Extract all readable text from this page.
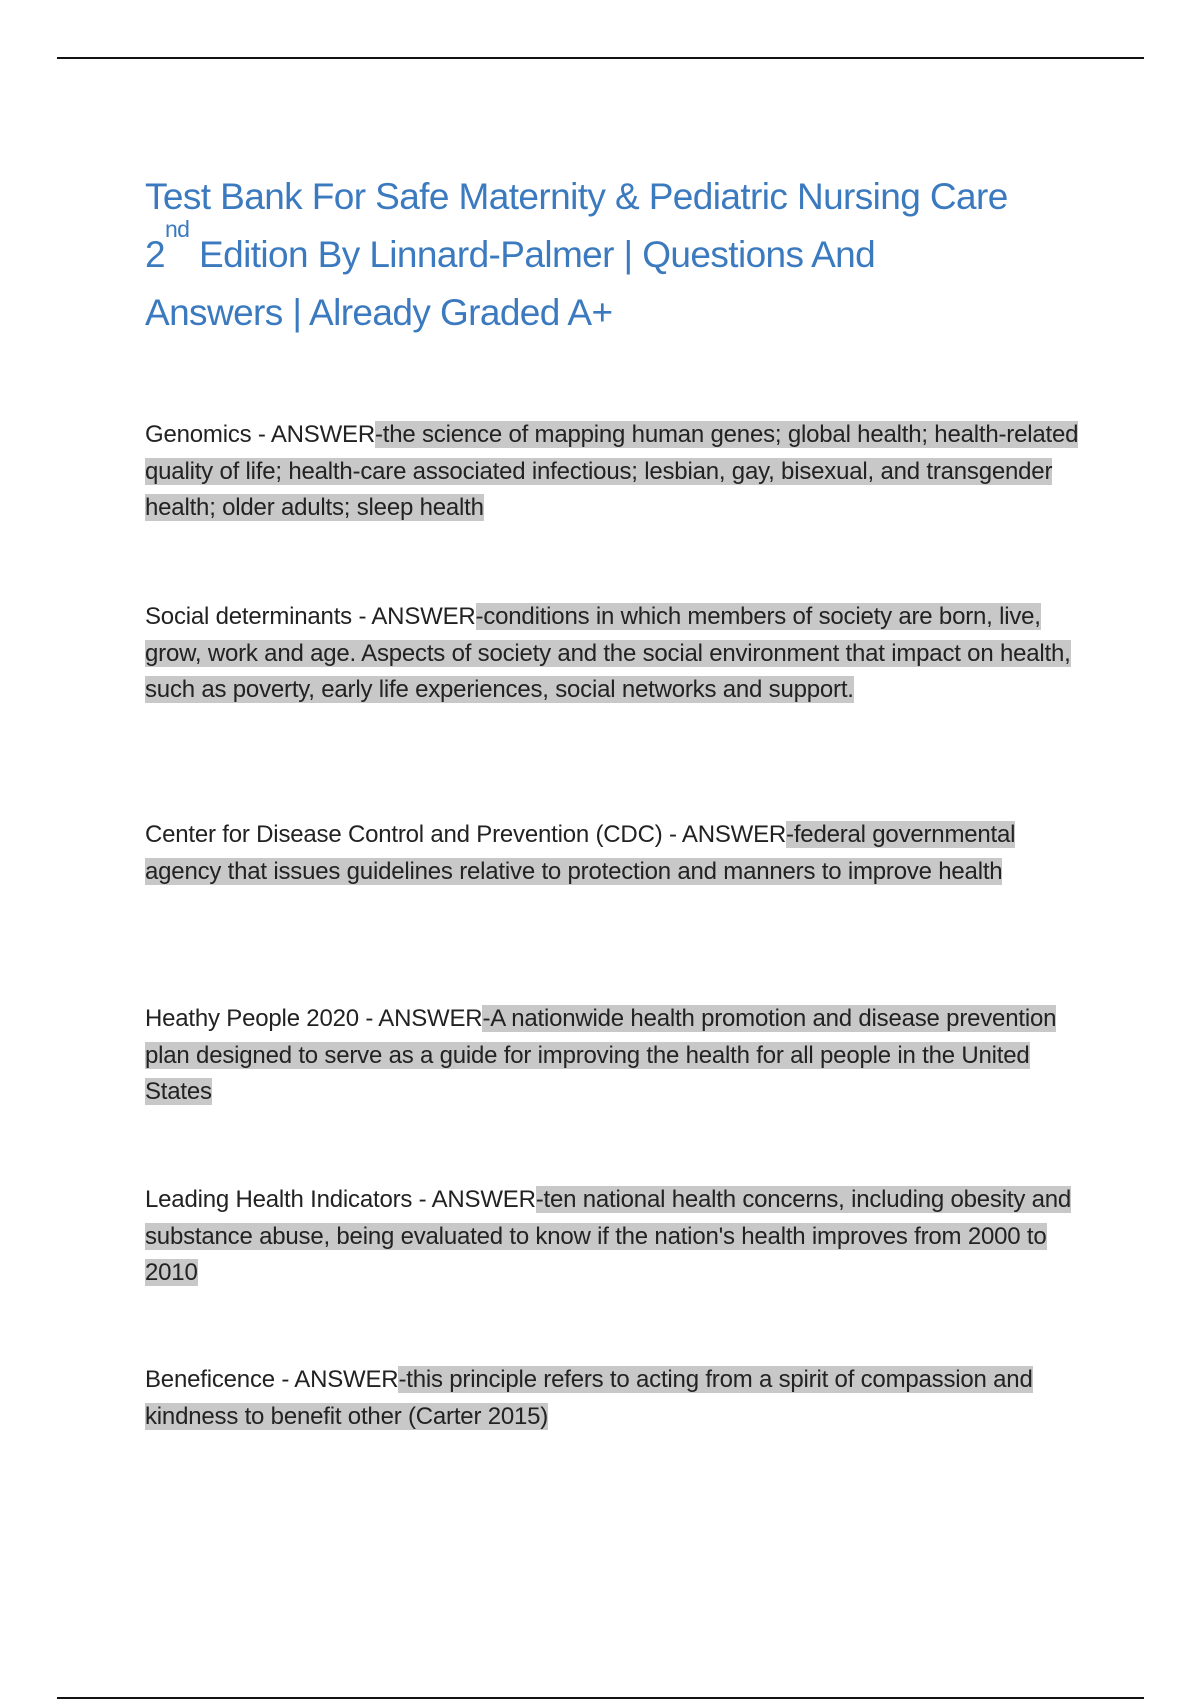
Test Bank For Safe Maternity & Pediatric Nursing Care
2nd Edition By Linnard-Palmer | Questions And
Answers | Already Graded A+

Genomics - ANSWER-the science of mapping human genes; global health; health-related quality of life; health-care associated infectious; lesbian, gay, bisexual, and transgender health; older adults; sleep health

Social determinants - ANSWER-conditions in which members of society are born, live, grow, work and age. Aspects of society and the social environment that impact on health, such as poverty, early life experiences, social networks and support.

Center for Disease Control and Prevention (CDC) - ANSWER-federal governmental agency that issues guidelines relative to protection and manners to improve health

Heathy People 2020 - ANSWER-A nationwide health promotion and disease prevention plan designed to serve as a guide for improving the health for all people in the United States

Leading Health Indicators - ANSWER-ten national health concerns, including obesity and substance abuse, being evaluated to know if the nation's health improves from 2000 to 2010

Beneficence - ANSWER-this principle refers to acting from a spirit of compassion and kindness to benefit other (Carter 2015)
